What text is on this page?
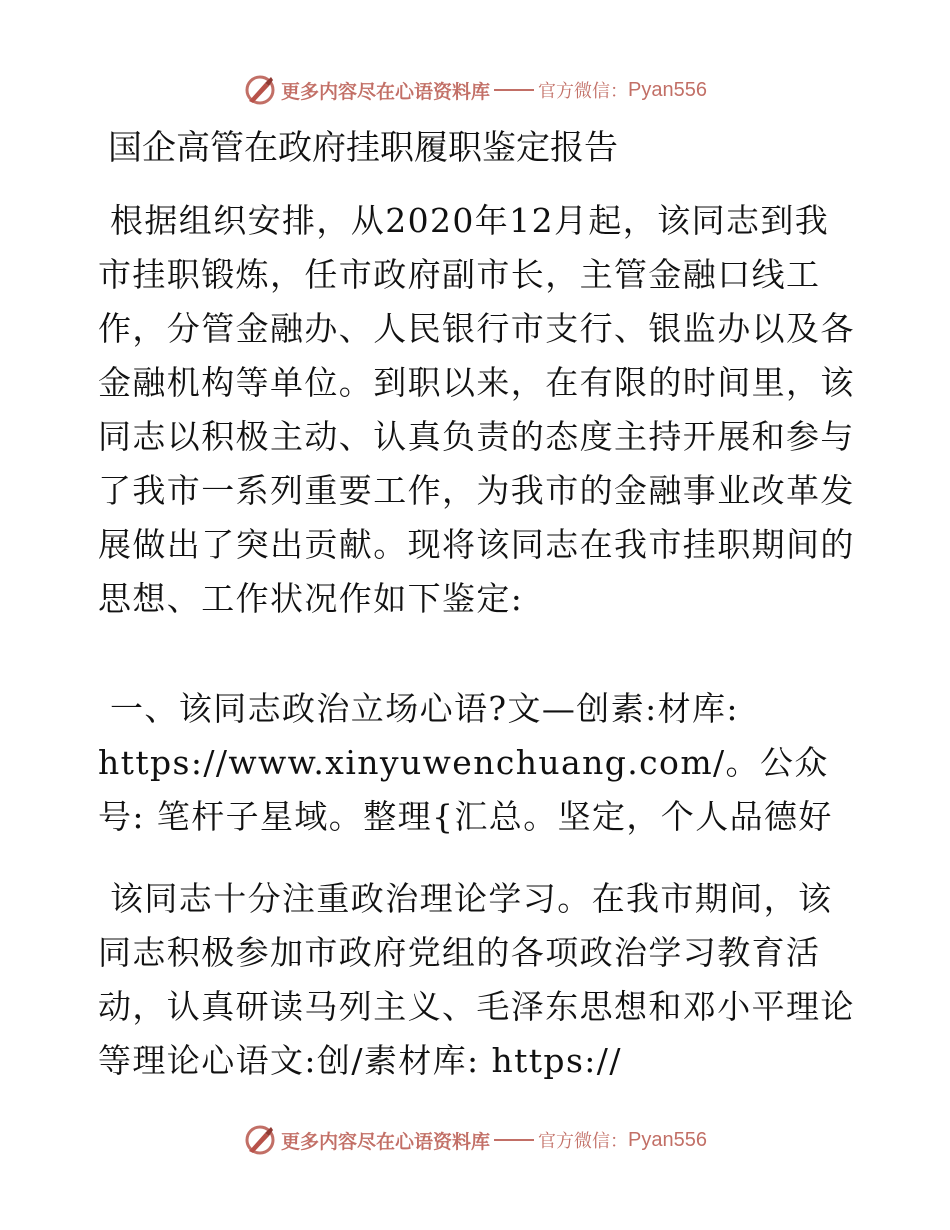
更多内容尽在心语资料库	官方微信： Pyan556
国企高管在政府挂职履职鉴定报告

根据组织安排，从2020年12月起，该同志到我市挂职锻炼，任市政府副市长，主管金融口线工作，分管金融办、人民银行市支行、银监办以及各金融机构等单位。到职以来，在有限的时间里，该同志以积极主动、认真负责的态度主持开展和参与了我市一系列重要工作，为我市的金融事业改革发展做出了突出贡献。现将该同志在我市挂职期间的思想、工作状况作如下鉴定:

一、该同志政治立场心语?文—创素:材库: https://www.xinyuwenchuang.com/。公众号: 笔杆子星域。整理{汇总。坚定，个人品德好

该同志十分注重政治理论学习。在我市期间，该同志积极参加市政府党组的各项政治学习教育活动，认真研读马列主义、毛泽东思想和邓小平理论等理论心语文:创/素材库: https://

更多内容尽在心语资料库	官方微信： Pyan556
